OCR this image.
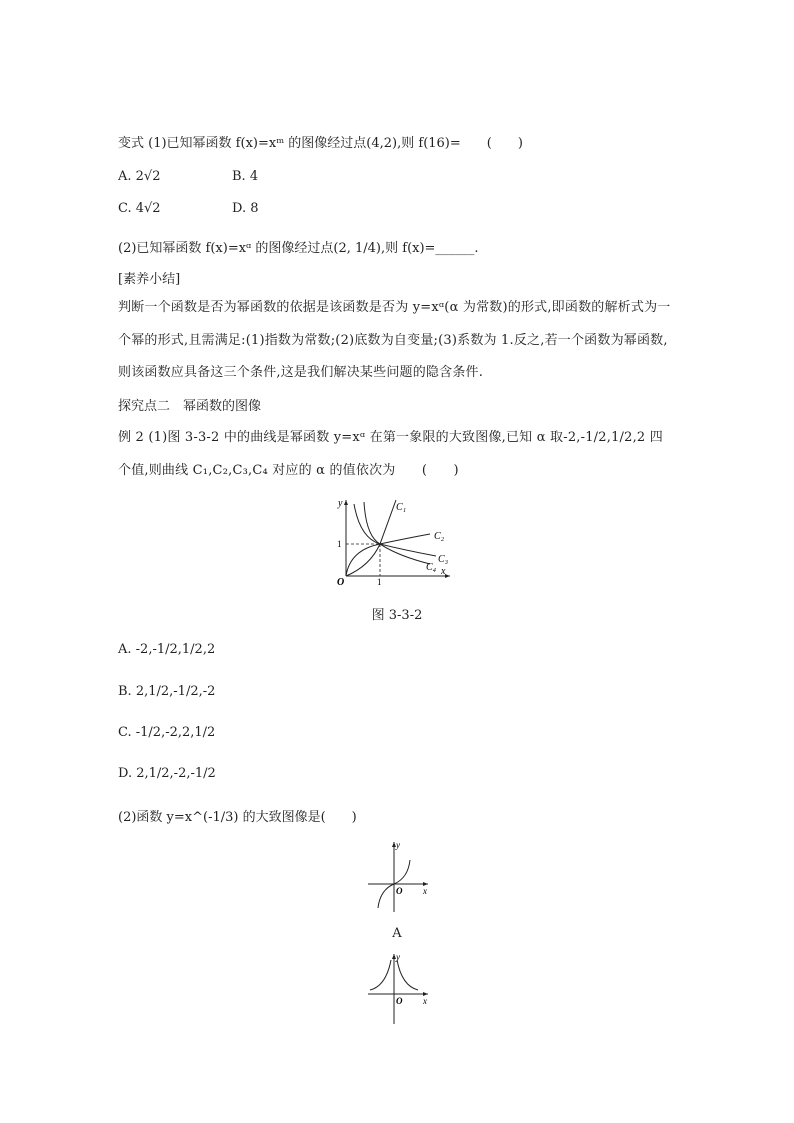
变式 (1)已知幂函数 f(x)=xᵐ 的图像经过点(4,2),则 f(16)=　　(　　)
A. 2√2	B. 4
C. 4√2	D. 8
(2)已知幂函数 f(x)=xᵅ 的图像经过点(2, 1/4),则 f(x)=______.
[素养小结]
判断一个函数是否为幂函数的依据是该函数是否为 y=xᵅ(α 为常数)的形式,即函数的解析式为一个幂的形式,且需满足:(1)指数为常数;(2)底数为自变量;(3)系数为 1.反之,若一个函数为幂函数,则该函数应具备这三个条件,这是我们解决某些问题的隐含条件.
探究点二　幂函数的图像
例 2 (1)图 3-3-2 中的曲线是幂函数 y=xᵅ 在第一象限的大致图像,已知 α 取-2,-1/2,1/2,2 四个值,则曲线 C₁,C₂,C₃,C₄ 对应的 α 的值依次为　　(　　)
y
x
O
1
1
C₁
C₂
C₃
C₄
图 3-3-2
A. -2,-1/2,1/2,2
B. 2,1/2,-1/2,-2
C. -1/2,-2,2,1/2
D. 2,1/2,-2,-1/2
(2)函数 y=x^(-1/3) 的大致图像是(　　)
y
x
O
A
y
x
O
